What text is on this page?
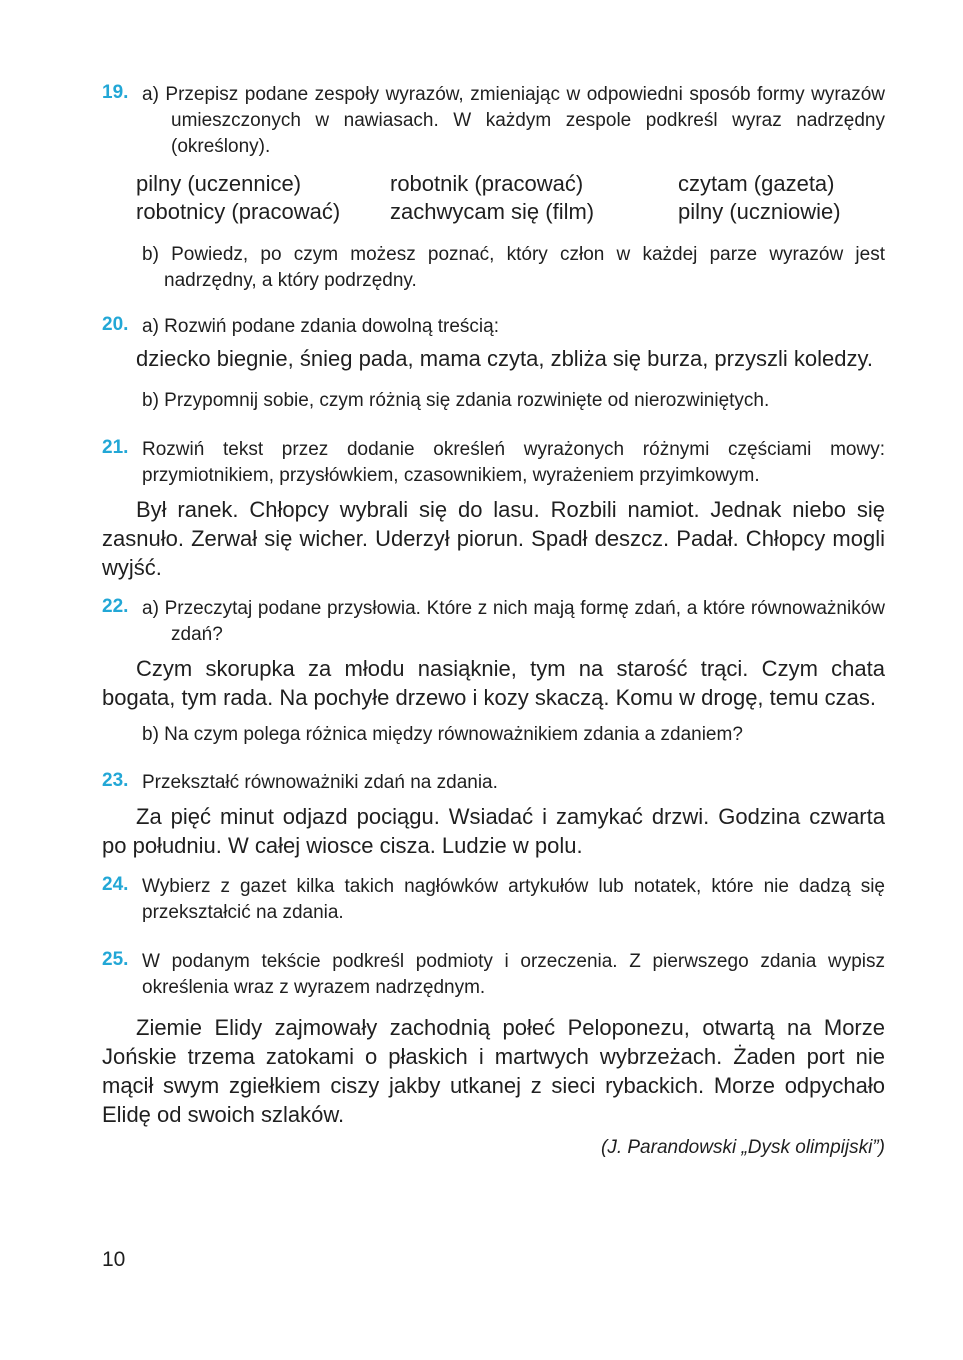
19. a) Przepisz podane zespoły wyrazów, zmieniając w odpowiedni sposób formy wyrazów umieszczonych w nawiasach. W każdym zespole podkreśl wyraz nadrzędny (określony).
pilny (uczennice)	robotnik (pracować)	czytam (gazeta)
robotnicy (pracować)	zachwycam się (film)	pilny (uczniowie)
b) Powiedz, po czym możesz poznać, który człon w każdej parze wyrazów jest nadrzędny, a który podrzędny.
20. a) Rozwiń podane zdania dowolną treścią:

dziecko biegnie, śnieg pada, mama czyta, zbliża się burza, przyszli koledzy.

b) Przypomnij sobie, czym różnią się zdania rozwinięte od nierozwiniętych.
21. Rozwiń tekst przez dodanie określeń wyrażonych różnymi częściami mowy: przymiotnikiem, przysłówkiem, czasownikiem, wyrażeniem przyimkowym.

Był ranek. Chłopcy wybrali się do lasu. Rozbili namiot. Jednak niebo się zasnuło. Zerwał się wicher. Uderzył piorun. Spadł deszcz. Padał. Chłopcy mogli wyjść.

22. a) Przeczytaj podane przysłowia. Które z nich mają formę zdań, a które równoważników zdań?

Czym skorupka za młodu nasiąknie, tym na starość trąci. Czym chata bogata, tym rada. Na pochyłe drzewo i kozy skaczą. Komu w drogę, temu czas.

b) Na czym polega różnica między równoważnikiem zdania a zdaniem?
23. Przekształć równoważniki zdań na zdania.

Za pięć minut odjazd pociągu. Wsiadać i zamykać drzwi. Godzina czwarta po południu. W całej wiosce cisza. Ludzie w polu.

24. Wybierz z gazet kilka takich nagłówków artykułów lub notatek, które nie dadzą się przekształcić na zdania.
25. W podanym tekście podkreśl podmioty i orzeczenia. Z pierwszego zdania wypisz określenia wraz z wyrazem nadrzędnym.

Ziemie Elidy zajmowały zachodnią połeć Peloponezu, otwartą na Morze Jońskie trzema zatokami o płaskich i martwych wybrzeżach. Żaden port nie mącił swym zgiełkiem ciszy jakby utkanej z sieci rybackich. Morze odpychało Elidę od swoich szlaków.

(J. Parandowski „Dysk olimpijski”)
10
